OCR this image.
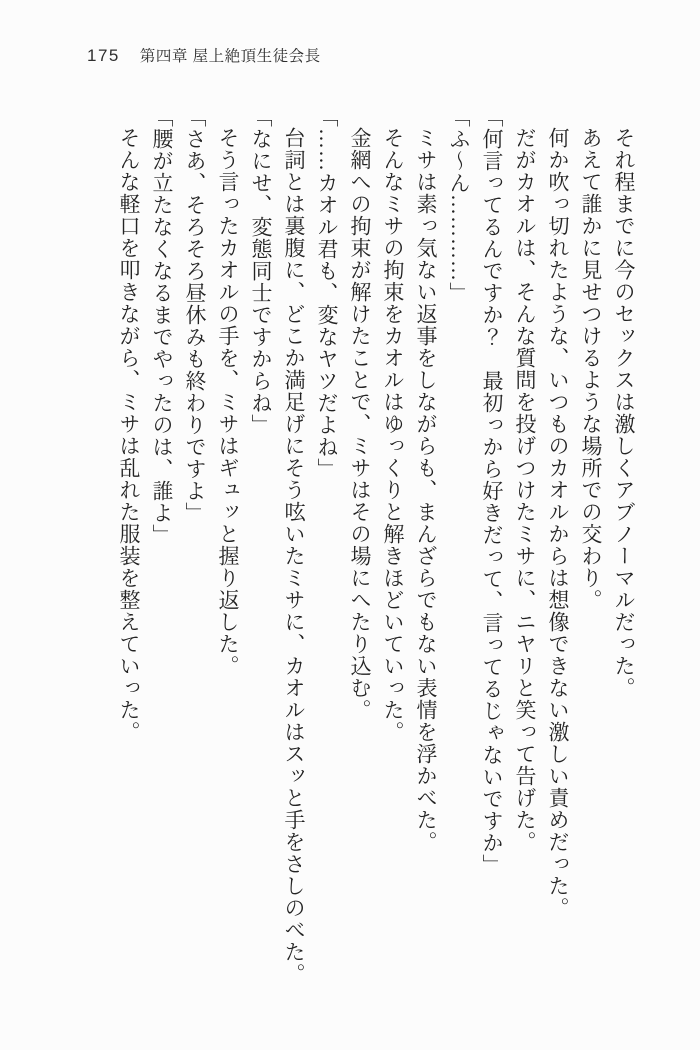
175 第四章 屋上絶頂生徒会長

それ程までに今のセックスは激しくアブノーマルだった。

あえて誰かに見せつけるような場所での交わり。

何か吹っ切れたような、いつものカオルからは想像できない激しい責めだった。

だがカオルは、そんな質問を投げつけたミサに、ニヤリと笑って告げた。

「何言ってるんですか？　最初っから好きだって、言ってるじゃないですか」

「ふ～ん…………」

ミサは素っ気ない返事をしながらも、まんざらでもない表情を浮かべた。

そんなミサの拘束をカオルはゆっくりと解きほどいていった。

金網への拘束が解けたことで、ミサはその場にへたり込む。

「……カオル君も、変なヤツだよね」

台詞とは裏腹に、どこか満足げにそう呟いたミサに、カオルはスッと手をさしのべた。

「なにせ、変態同士ですからね」

そう言ったカオルの手を、ミサはギュッと握り返した。

「さあ、そろそろ昼休みも終わりですよ」

「腰が立たなくなるまでやったのは、誰よ」

そんな軽口を叩きながら、ミサは乱れた服装を整えていった。
